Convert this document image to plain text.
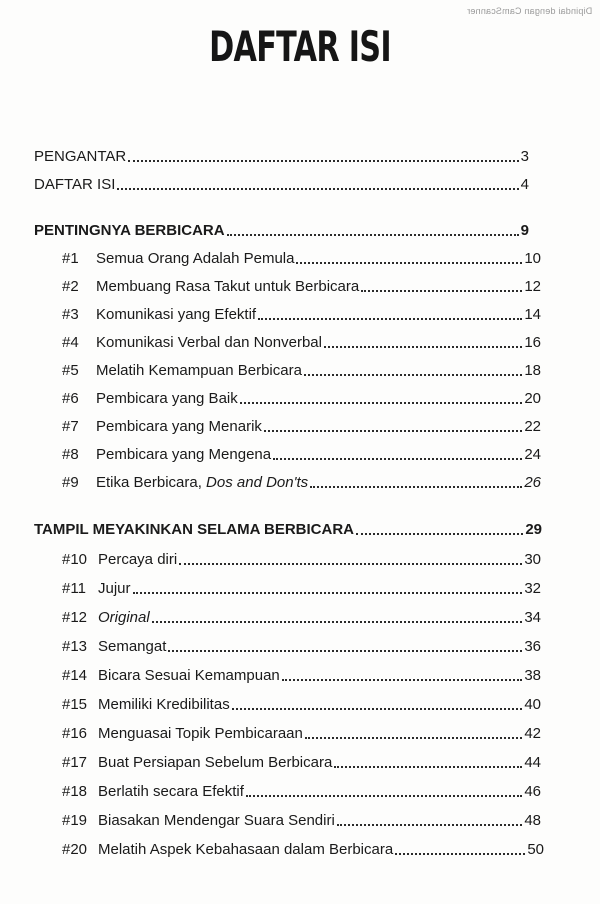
Dipindai dengan CamScanner
DAFTAR ISI
PENGANTAR	3
DAFTAR ISI	4
PENTINGNYA BERBICARA	9
#1	Semua Orang Adalah Pemula	10
#2	Membuang Rasa Takut untuk Berbicara	12
#3	Komunikasi yang Efektif	14
#4	Komunikasi Verbal dan Nonverbal	16
#5	Melatih Kemampuan Berbicara	18
#6	Pembicara yang Baik	20
#7	Pembicara yang Menarik	22
#8	Pembicara yang Mengena	24
#9	Etika Berbicara, Dos and Don'ts	26
TAMPIL MEYAKINKAN SELAMA BERBICARA	29
#10 Percaya diri	30
#11 Jujur	32
#12 Original	34
#13 Semangat	36
#14 Bicara Sesuai Kemampuan	38
#15 Memiliki Kredibilitas	40
#16 Menguasai Topik Pembicaraan	42
#17 Buat Persiapan Sebelum Berbicara	44
#18 Berlatih secara Efektif	46
#19 Biasakan Mendengar Suara Sendiri	48
#20 Melatih Aspek Kebahasaan dalam Berbicara	50
